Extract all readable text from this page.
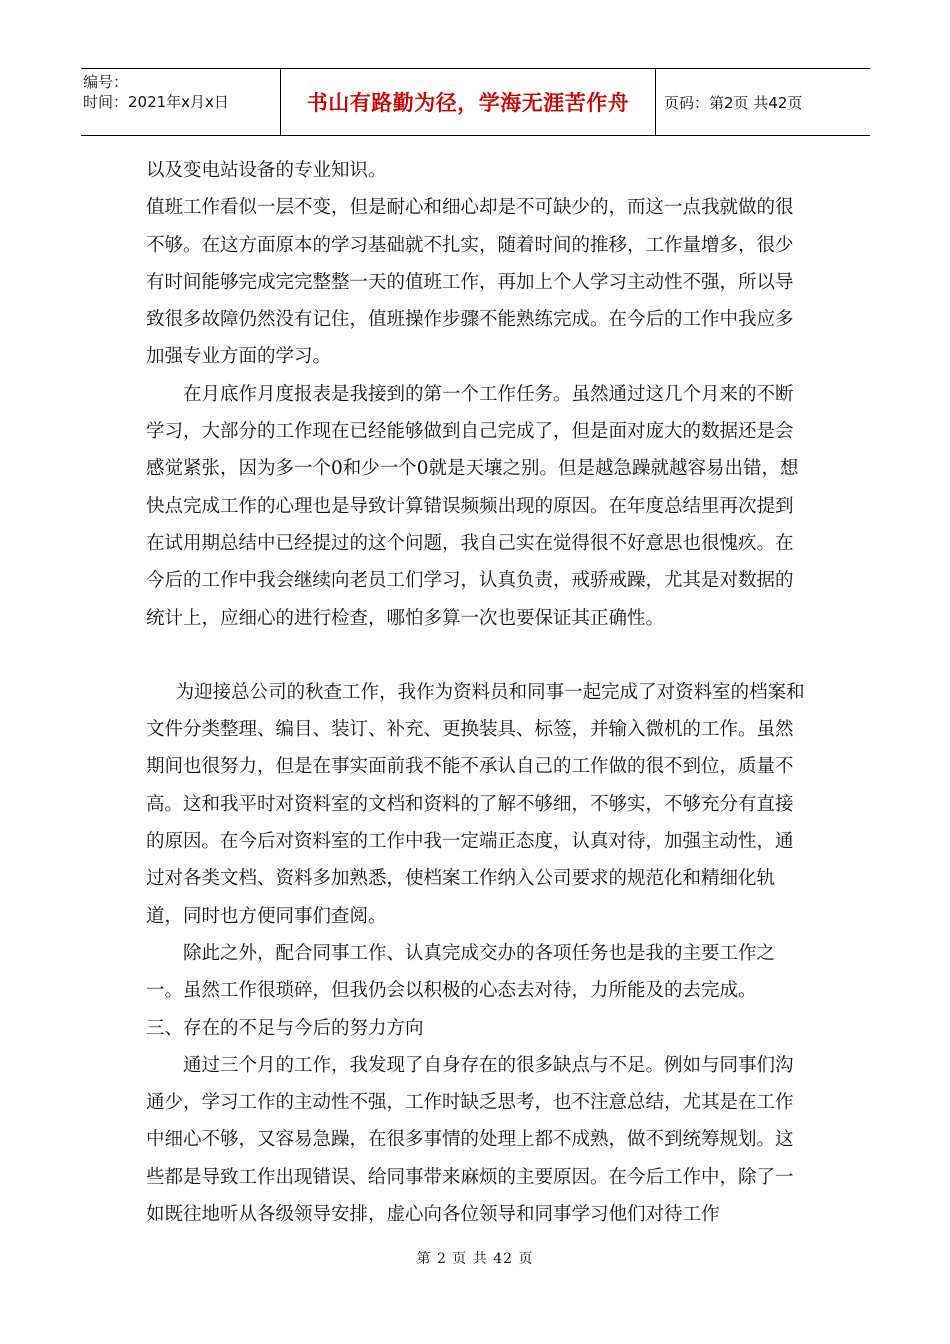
编号：
时间：2021年x月x日	书山有路勤为径，学海无涯苦作舟 页码：第2页 共42页

以及变电站设备的专业知识。

值班工作看似一层不变，但是耐心和细心却是不可缺少的，而这一点我就做的很不够。在这方面原本的学习基础就不扎实，随着时间的推移，工作量增多，很少有时间能够完成完完整整一天的值班工作，再加上个人学习主动性不强，所以导致很多故障仍然没有记住，值班操作步骤不能熟练完成。在今后的工作中我应多加强专业方面的学习。

在月底作月度报表是我接到的第一个工作任务。虽然通过这几个月来的不断学习，大部分的工作现在已经能够做到自己完成了，但是面对庞大的数据还是会感觉紧张，因为多一个0和少一个0就是天壤之别。但是越急躁就越容易出错，想快点完成工作的心理也是导致计算错误频频出现的原因。在年度总结里再次提到在试用期总结中已经提过的这个问题，我自己实在觉得很不好意思也很愧疚。在今后的工作中我会继续向老员工们学习，认真负责，戒骄戒躁，尤其是对数据的统计上，应细心的进行检查，哪怕多算一次也要保证其正确性。

为迎接总公司的秋查工作，我作为资料员和同事一起完成了对资料室的档案和文件分类整理、编目、装订、补充、更换装具、标签，并输入微机的工作。虽然期间也很努力，但是在事实面前我不能不承认自己的工作做的很不到位，质量不高。这和我平时对资料室的文档和资料的了解不够细，不够实，不够充分有直接的原因。在今后对资料室的工作中我一定端正态度，认真对待，加强主动性，通过对各类文档、资料多加熟悉，使档案工作纳入公司要求的规范化和精细化轨道，同时也方便同事们查阅。

除此之外，配合同事工作、认真完成交办的各项任务也是我的主要工作之一。虽然工作很琐碎，但我仍会以积极的心态去对待，力所能及的去完成。

三、存在的不足与今后的努力方向

通过三个月的工作，我发现了自身存在的很多缺点与不足。例如与同事们沟通少，学习工作的主动性不强，工作时缺乏思考，也不注意总结，尤其是在工作中细心不够，又容易急躁，在很多事情的处理上都不成熟，做不到统筹规划。这些都是导致工作出现错误、给同事带来麻烦的主要原因。在今后工作中，除了一如既往地听从各级领导安排，虚心向各位领导和同事学习他们对待工作

第 2 页 共 42 页
